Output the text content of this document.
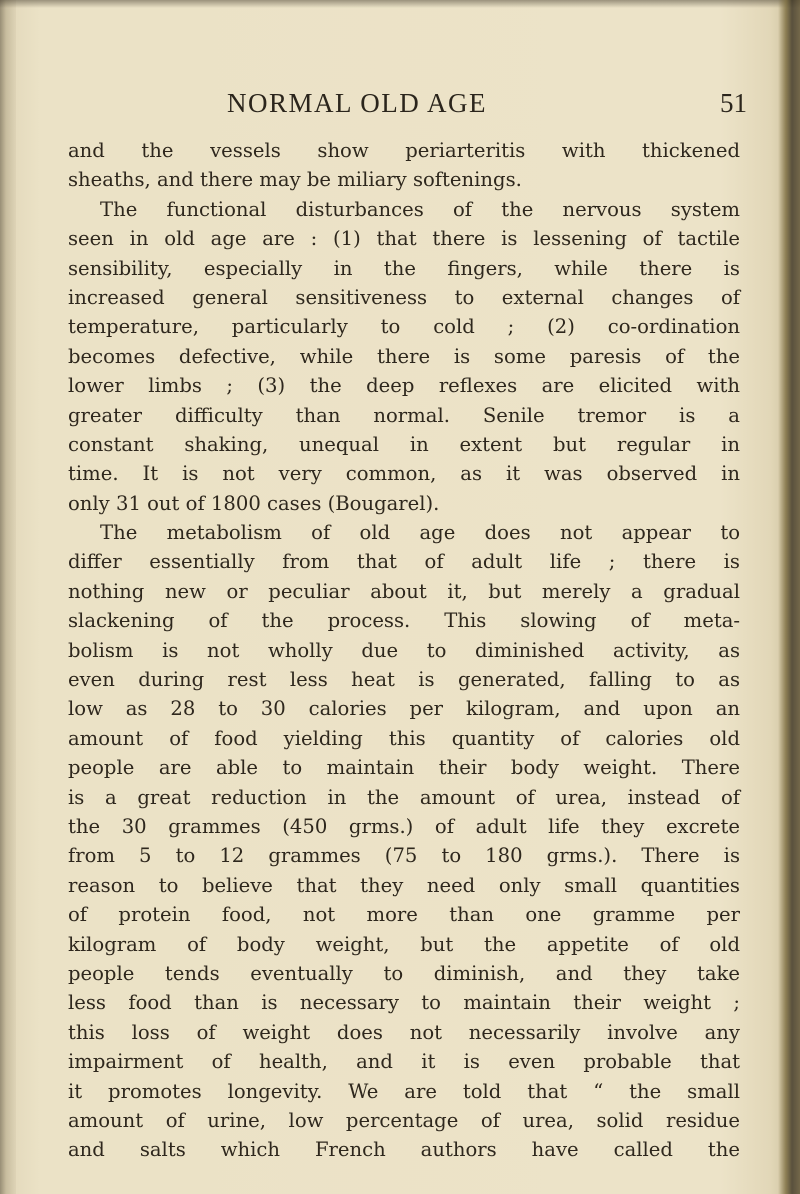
NORMAL OLD AGE	51
and the vessels show periarteritis with thickened
sheaths, and there may be miliary softenings.
The functional disturbances of the nervous system
seen in old age are : (1) that there is lessening of tactile
sensibility, especially in the fingers, while there is
increased general sensitiveness to external changes of
temperature, particularly to cold ; (2) co-ordination
becomes defective, while there is some paresis of the
lower limbs ; (3) the deep reflexes are elicited with
greater difficulty than normal. Senile tremor is a
constant shaking, unequal in extent but regular in
time. It is not very common, as it was observed in
only 31 out of 1800 cases (Bougarel).
The metabolism of old age does not appear to
differ essentially from that of adult life ; there is
nothing new or peculiar about it, but merely a gradual
slackening of the process. This slowing of meta-
bolism is not wholly due to diminished activity, as
even during rest less heat is generated, falling to as
low as 28 to 30 calories per kilogram, and upon an
amount of food yielding this quantity of calories old
people are able to maintain their body weight. There
is a great reduction in the amount of urea, instead of
the 30 grammes (450 grms.) of adult life they excrete
from 5 to 12 grammes (75 to 180 grms.). There is
reason to believe that they need only small quantities
of protein food, not more than one gramme per
kilogram of body weight, but the appetite of old
people tends eventually to diminish, and they take
less food than is necessary to maintain their weight ;
this loss of weight does not necessarily involve any
impairment of health, and it is even probable that
it promotes longevity. We are told that “ the small
amount of urine, low percentage of urea, solid residue
and salts which French authors have called the
